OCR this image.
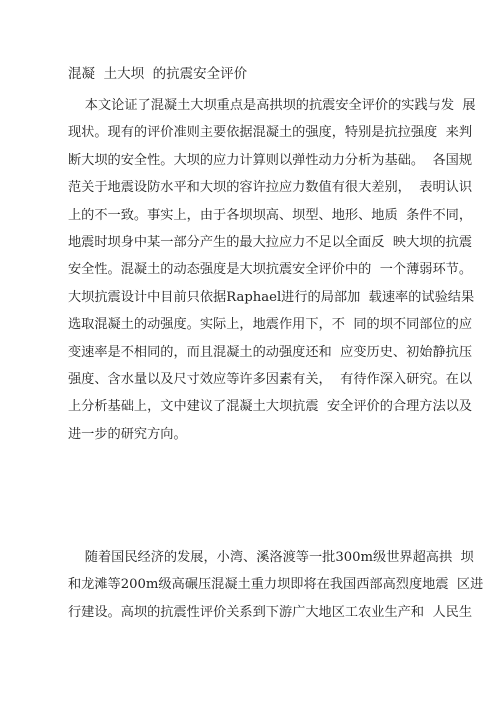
混凝  土大坝  的抗震安全评价
本文论证了混凝土大坝重点是高拱坝的抗震安全评价的实践与发  展
现状。现有的评价准则主要依据混凝土的强度，特别是抗拉强度  来判
断大坝的安全性。大坝的应力计算则以弹性动力分析为基础。  各国规
范关于地震设防水平和大坝的容许拉应力数值有很大差别，  表明认识
上的不一致。事实上，由于各坝坝高、坝型、地形、地质  条件不同，
地震时坝身中某一部分产生的最大拉应力不足以全面反  映大坝的抗震
安全性。混凝土的动态强度是大坝抗震安全评价中的  一个薄弱环节。
大坝抗震设计中目前只依据Raphael进行的局部加  载速率的试验结果
选取混凝土的动强度。实际上，地震作用下，不  同的坝不同部位的应
变速率是不相同的，而且混凝土的动强度还和  应变历史、初始静抗压
强度、含水量以及尺寸效应等许多因素有关，  有待作深入研究。在以
上分析基础上，文中建议了混凝土大坝抗震  安全评价的合理方法以及
进一步的研究方向。
随着国民经济的发展，小湾、溪洛渡等一批300m级世界超高拱  坝
和龙滩等200m级高碾压混凝土重力坝即将在我国西部高烈度地震  区进
行建设。高坝的抗震性评价关系到下游广大地区工农业生产和  人民生
